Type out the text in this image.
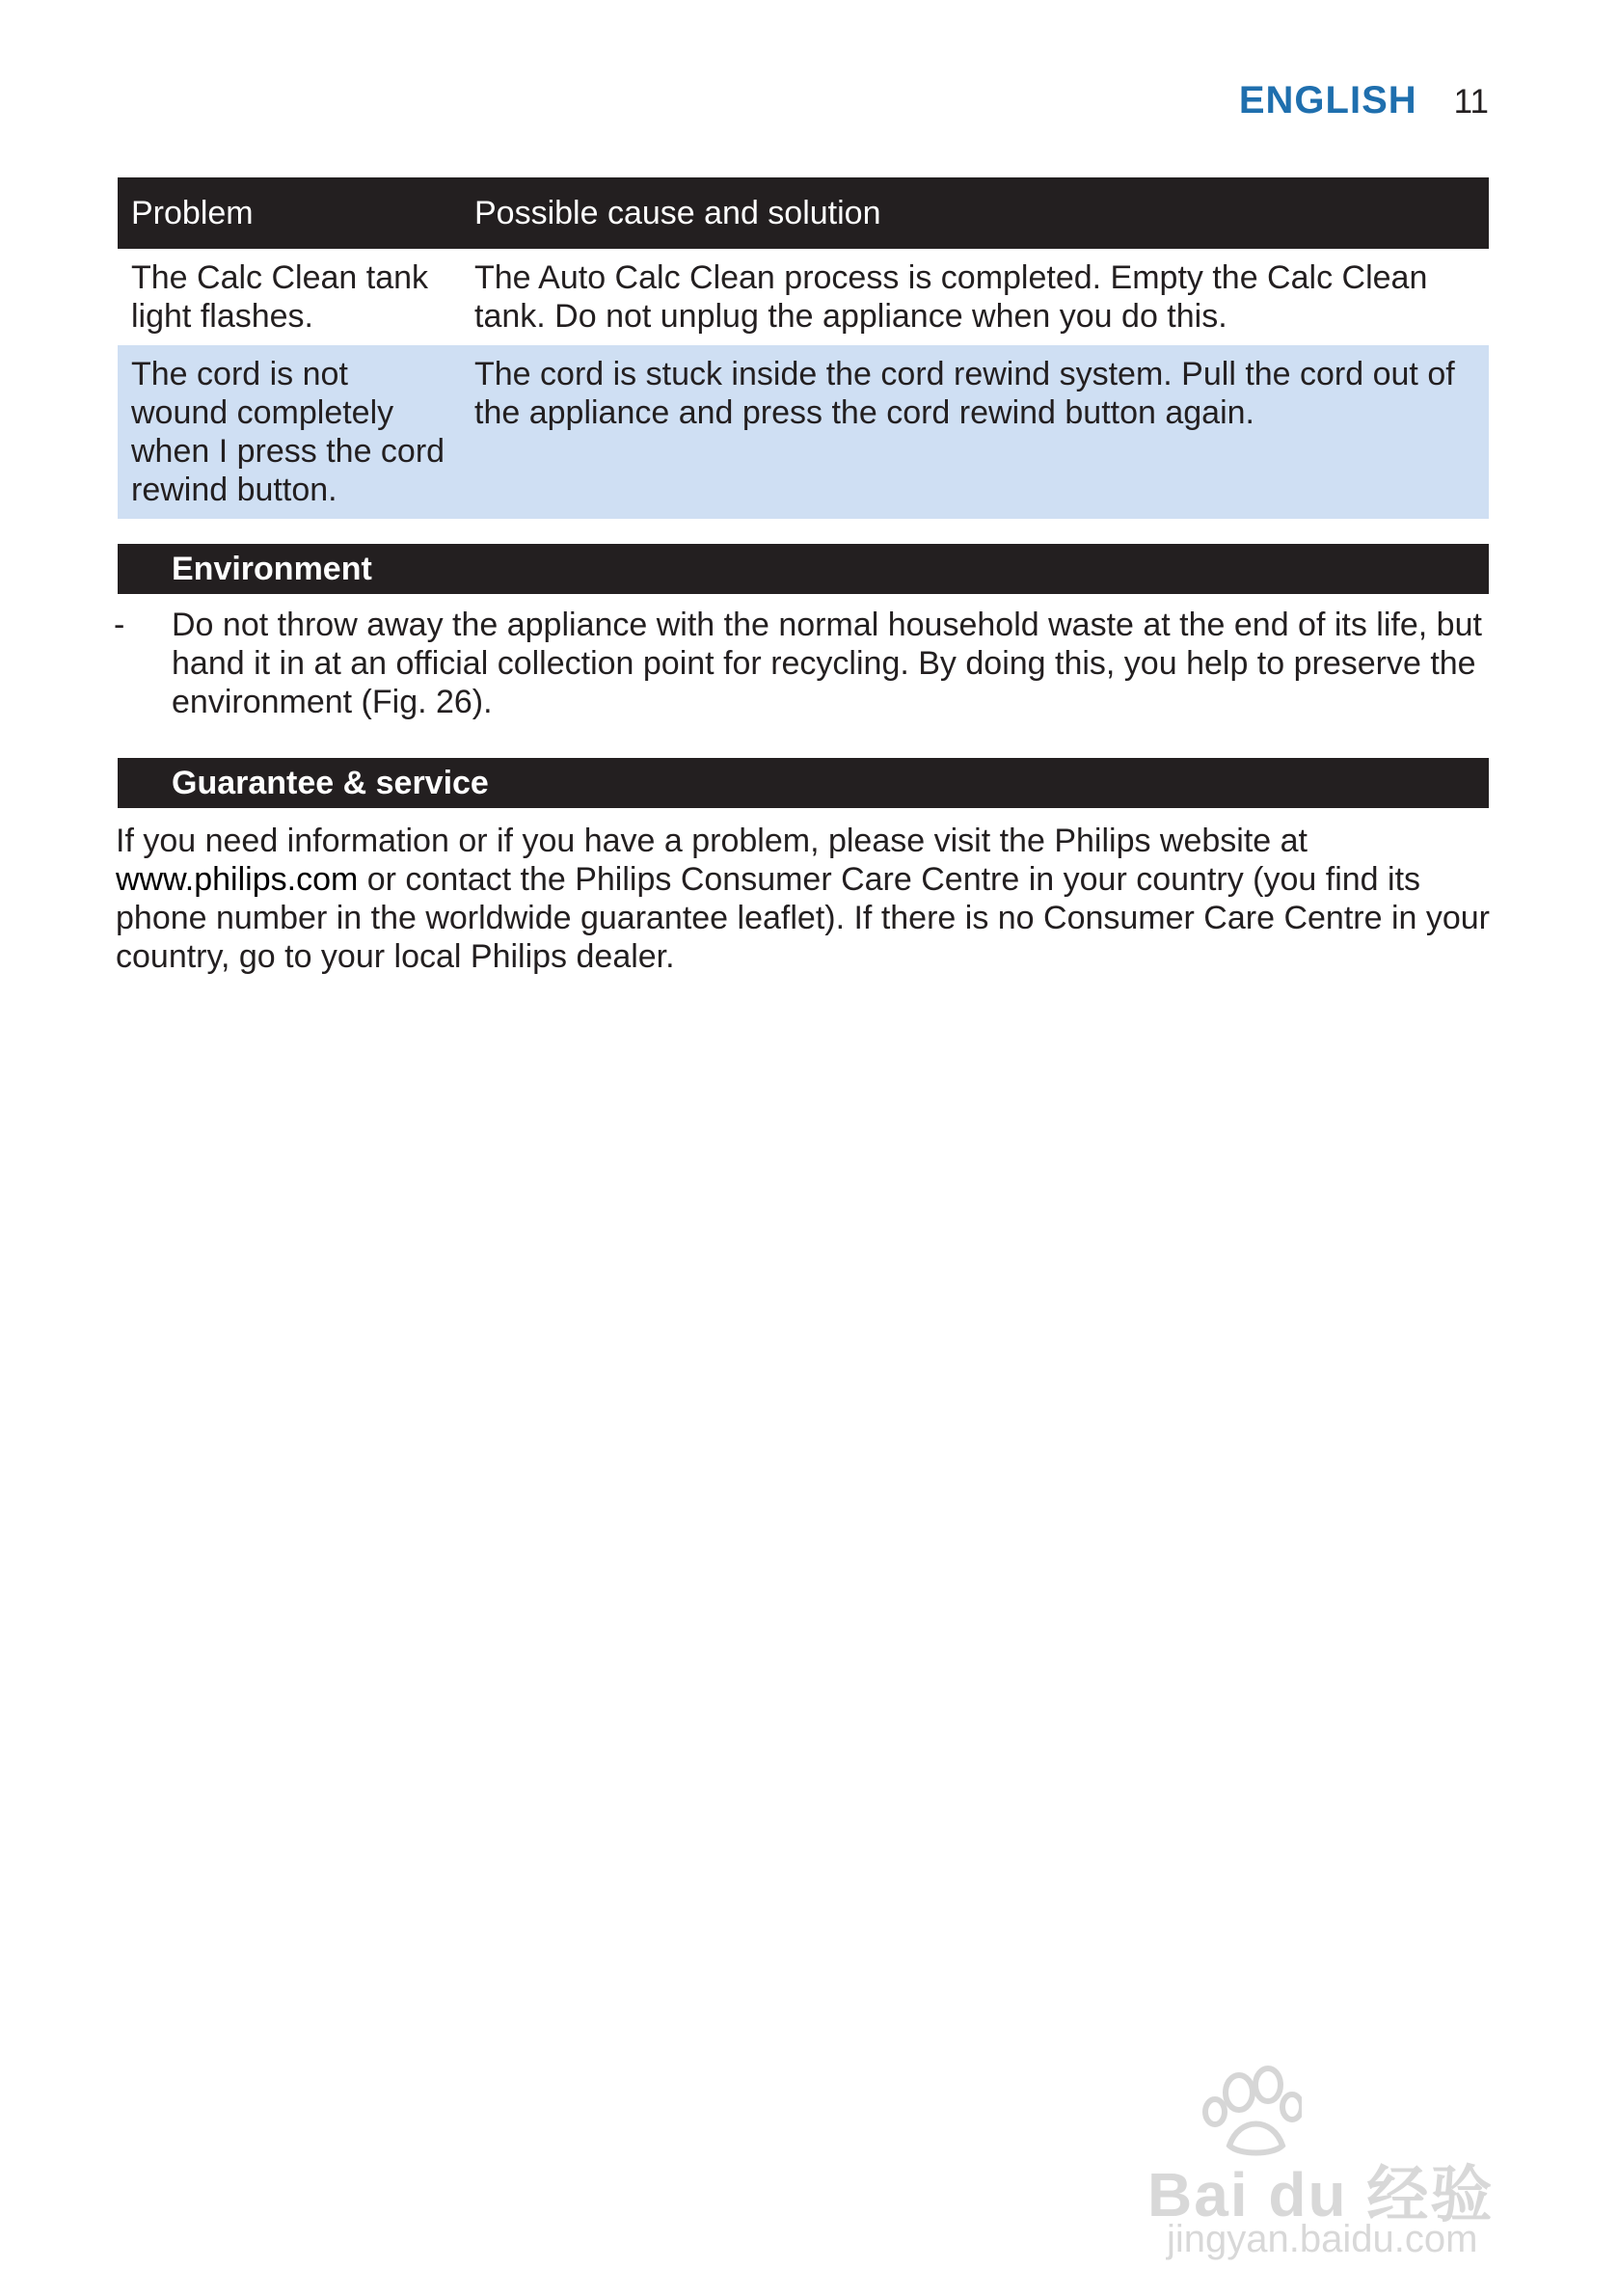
ENGLISH 11
Problem	Possible cause and solution
The Calc Clean tank light flashes.	The Auto Calc Clean process is completed. Empty the Calc Clean tank. Do not unplug the appliance when you do this.
The cord is not wound completely when I press the cord rewind button.	The cord is stuck inside the cord rewind system. Pull the cord out of the appliance and press the cord rewind button again.
Environment
- Do not throw away the appliance with the normal household waste at the end of its life, but hand it in at an official collection point for recycling. By doing this, you help to preserve the environment (Fig. 26).
Guarantee & service
If you need information or if you have a problem, please visit the Philips website at www.philips.com or contact the Philips Consumer Care Centre in your country (you find its phone number in the worldwide guarantee leaflet). If there is no Consumer Care Centre in your country, go to your local Philips dealer.
Bai du 经验
jingyan.baidu.com
